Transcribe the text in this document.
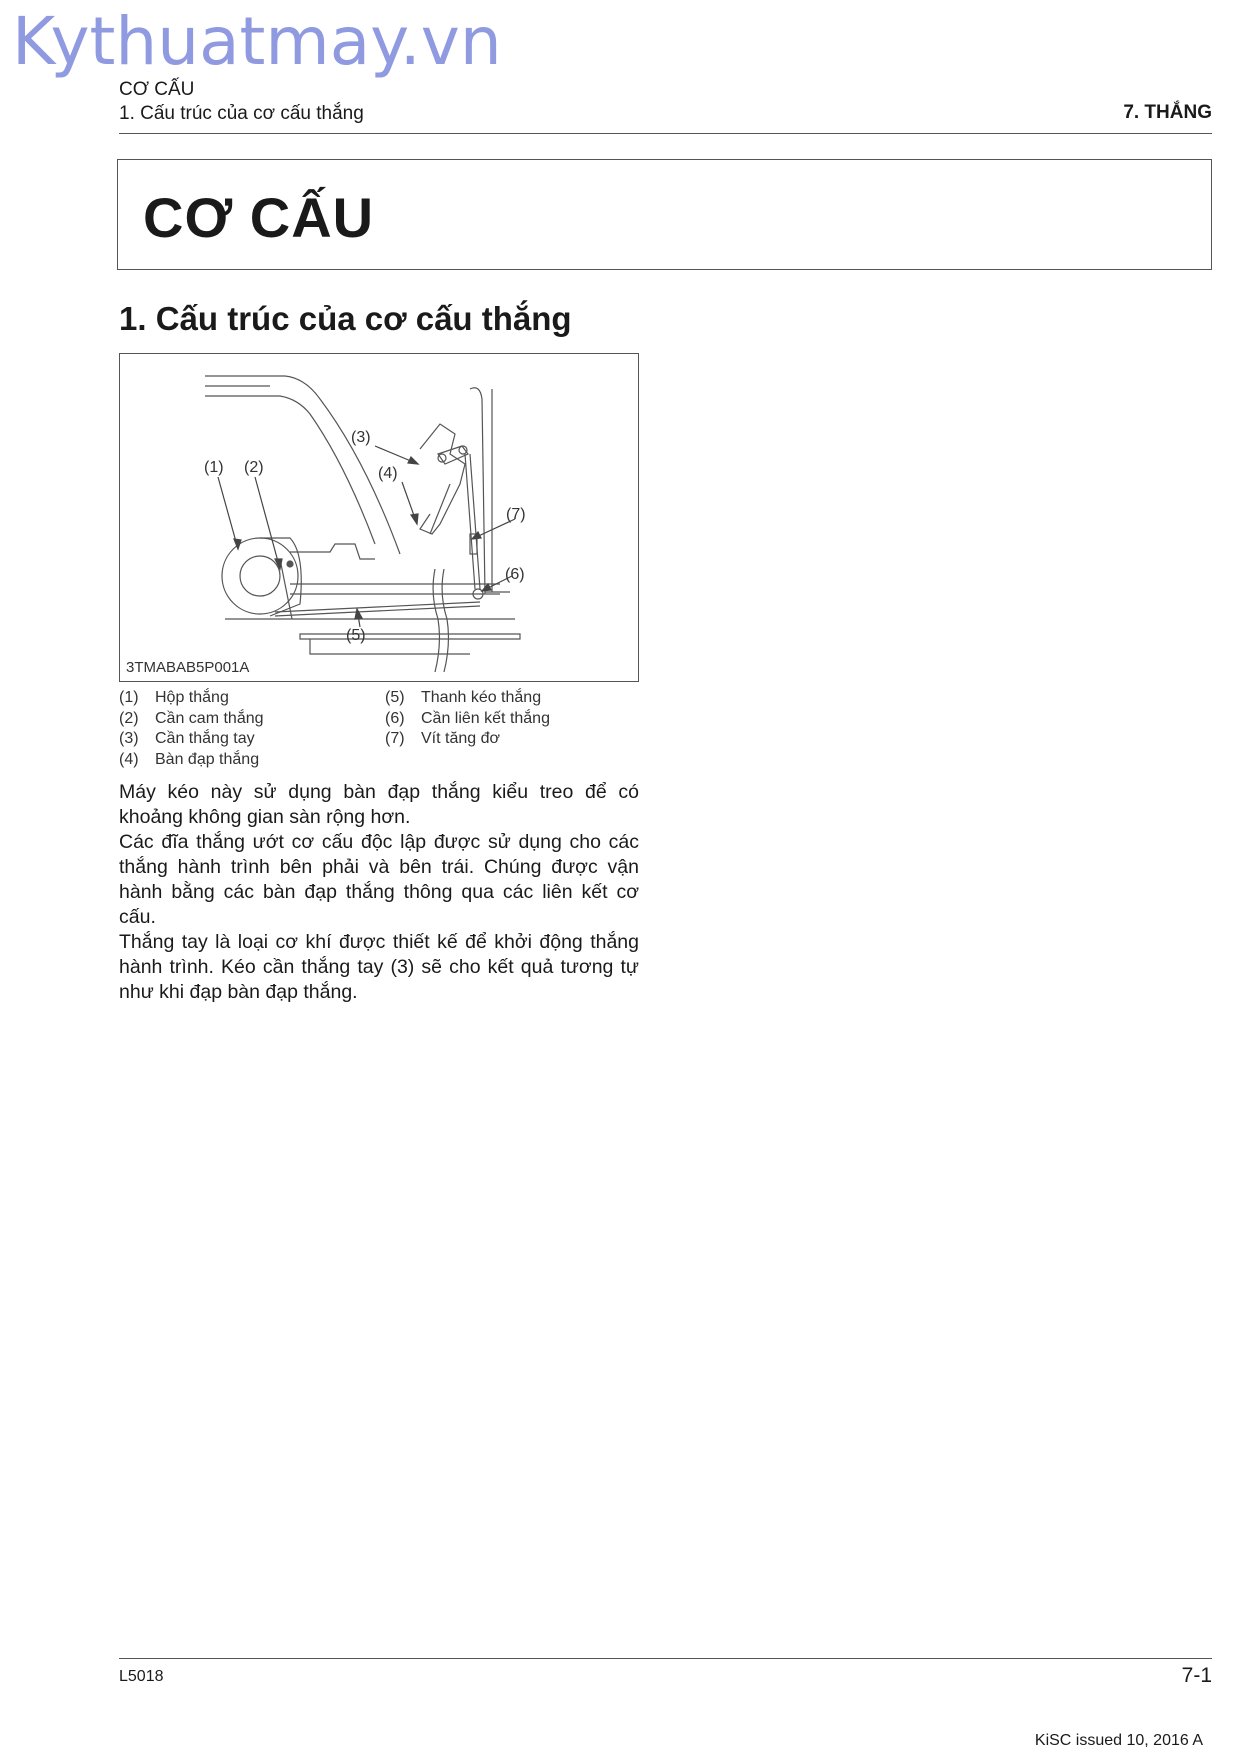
Kythuatmay.vn
CƠ CẤU
1. Cấu trúc của cơ cấu thắng	7. THẮNG
CƠ CẤU
1. Cấu trúc của cơ cấu thắng
(1) (2)
(3)
(4)
(5)
(6)
(7)
3TMABAB5P001A
(1)	Hộp thắng
(2)	Cần cam thắng
(3)	Cần thắng tay
(4)	Bàn đạp thắng
(5)	Thanh kéo thắng
(6)	Cần liên kết thắng
(7)	Vít tăng đơ

Máy kéo này sử dụng bàn đạp thắng kiểu treo để có khoảng không gian sàn rộng hơn.

Các đĩa thắng ướt cơ cấu độc lập được sử dụng cho các thắng hành trình bên phải và bên trái. Chúng được vận hành bằng các bàn đạp thắng thông qua các liên kết cơ cấu.

Thắng tay là loại cơ khí được thiết kế để khởi động thắng hành trình. Kéo cần thắng tay (3) sẽ cho kết quả tương tự như khi đạp bàn đạp thắng.

L5018	7-1
KiSC issued 10, 2016 A
